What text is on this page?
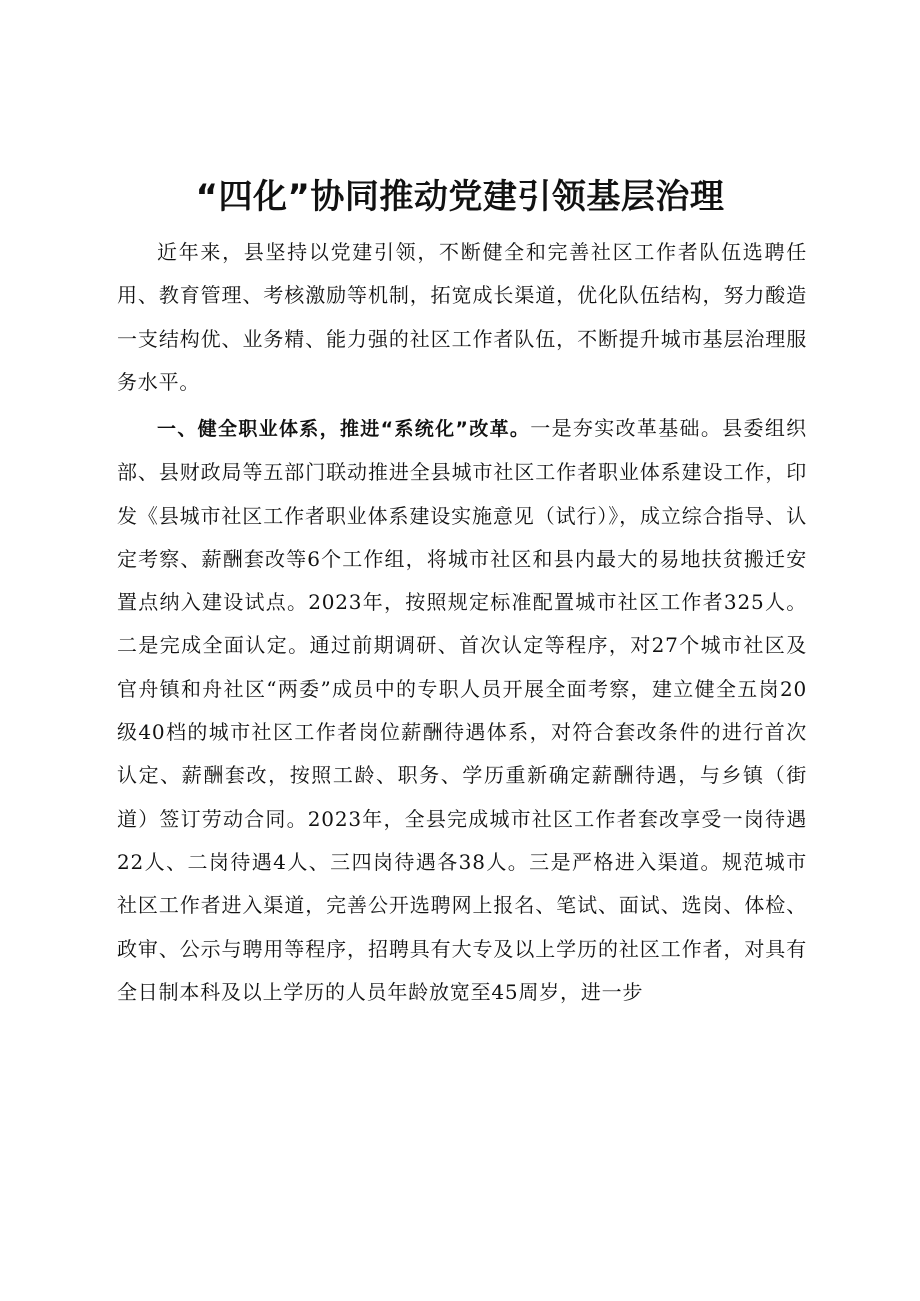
“四化”协同推动党建引领基层治理

近年来，县坚持以党建引领，不断健全和完善社区工作者队伍选聘任用、教育管理、考核激励等机制，拓宽成长渠道，优化队伍结构，努力酸造一支结构优、业务精、能力强的社区工作者队伍，不断提升城市基层治理服务水平。

一、健全职业体系，推进“系统化”改革。一是夯实改革基础。县委组织部、县财政局等五部门联动推进全县城市社区工作者职业体系建设工作，印发《县城市社区工作者职业体系建设实施意见（试行）》，成立综合指导、认定考察、薪酬套改等6个工作组，将城市社区和县内最大的易地扶贫搬迁安置点纳入建设试点。2023年，按照规定标准配置城市社区工作者325人。二是完成全面认定。通过前期调研、首次认定等程序，对27个城市社区及官舟镇和舟社区“两委”成员中的专职人员开展全面考察，建立健全五岗20级40档的城市社区工作者岗位薪酬待遇体系，对符合套改条件的进行首次认定、薪酬套改，按照工龄、职务、学历重新确定薪酬待遇，与乡镇（街道）签订劳动合同。2023年，全县完成城市社区工作者套改享受一岗待遇22人、二岗待遇4人、三四岗待遇各38人。三是严格进入渠道。规范城市社区工作者进入渠道，完善公开选聘网上报名、笔试、面试、选岗、体检、政审、公示与聘用等程序，招聘具有大专及以上学历的社区工作者，对具有全日制本科及以上学历的人员年龄放宽至45周岁，进一步
